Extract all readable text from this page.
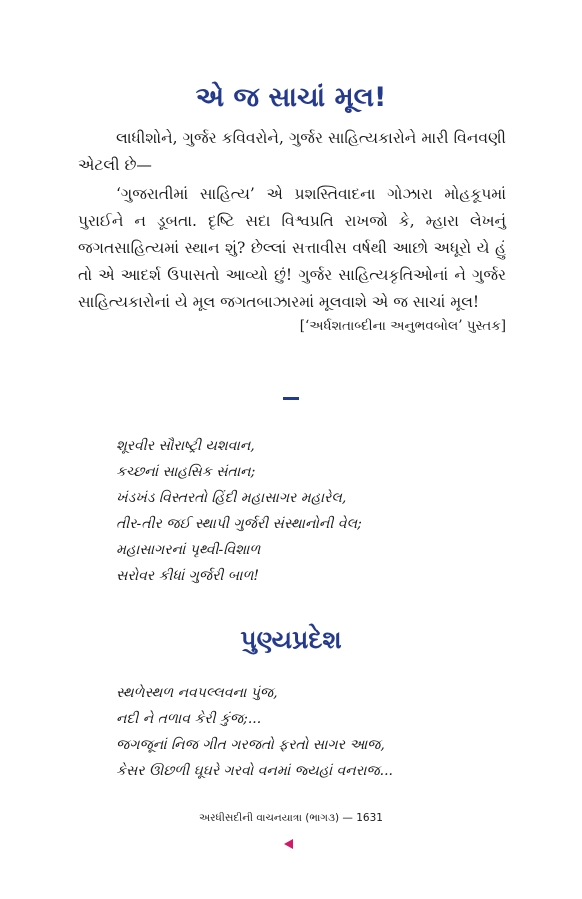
એ જ સાચાં મૂલ!

લાધીશોને, ગુર્જર કવિવરોને, ગુર્જર સાહિત્યકારોને મારી વિનવણી એટલી છે—

‘ગુજરાતીમાં સાહિત્ય’ એ પ્રશસ્તિવાદના ગોઝારા મોહકૂપમાં પુરાઈને ન ડૂબતા. દૃષ્ટિ સદા વિશ્વપ્રતિ રાખજો કે, મ્હારા લેખનું જગતસાહિત્યમાં સ્થાન શું? છેલ્લાં સત્તાવીસ વર્ષથી આછો અધૂરો યે હું તો એ આદર્શ ઉપાસતો આવ્યો છું! ગુર્જર સાહિત્યકૃતિઓનાં ને ગુર્જર સાહિત્યકારોનાં યે મૂલ જગતબાઝારમાં મૂલવાશે એ જ સાચાં મૂલ!

[‘અર્ધશતાબ્દીના અનુભવબોલ’ પુસ્તક]
શૂરવીર સૌરાષ્ટ્રી યશવાન,
કચ્છનાં સાહસિક સંતાન;
ખંડખંડ વિસ્તરતો હિંદી મહાસાગર મહારેલ,
તીર-તીર જઈ સ્થાપી ગુર્જરી સંસ્થાનોની વેલ;
મહાસાગરનાં પૃથ્વી-વિશાળ
સરોવર કીધાં ગુર્જરી બાળ!
પુણ્યપ્રદેશ
સ્થળેસ્થળ નવપલ્લવના પુંજ,
નદી ને તળાવ કેરી કુંજ;...
જગજૂનાં નિજ ગીત ગરજતો ફરતો સાગર આજ,
કેસર ઊછળી ઘૂઘરે ગરવો વનમાં જ્યહાં વનરાજ...
અરધીસદીની વાચનયાત્રા (ભાગ૩) — 1631
